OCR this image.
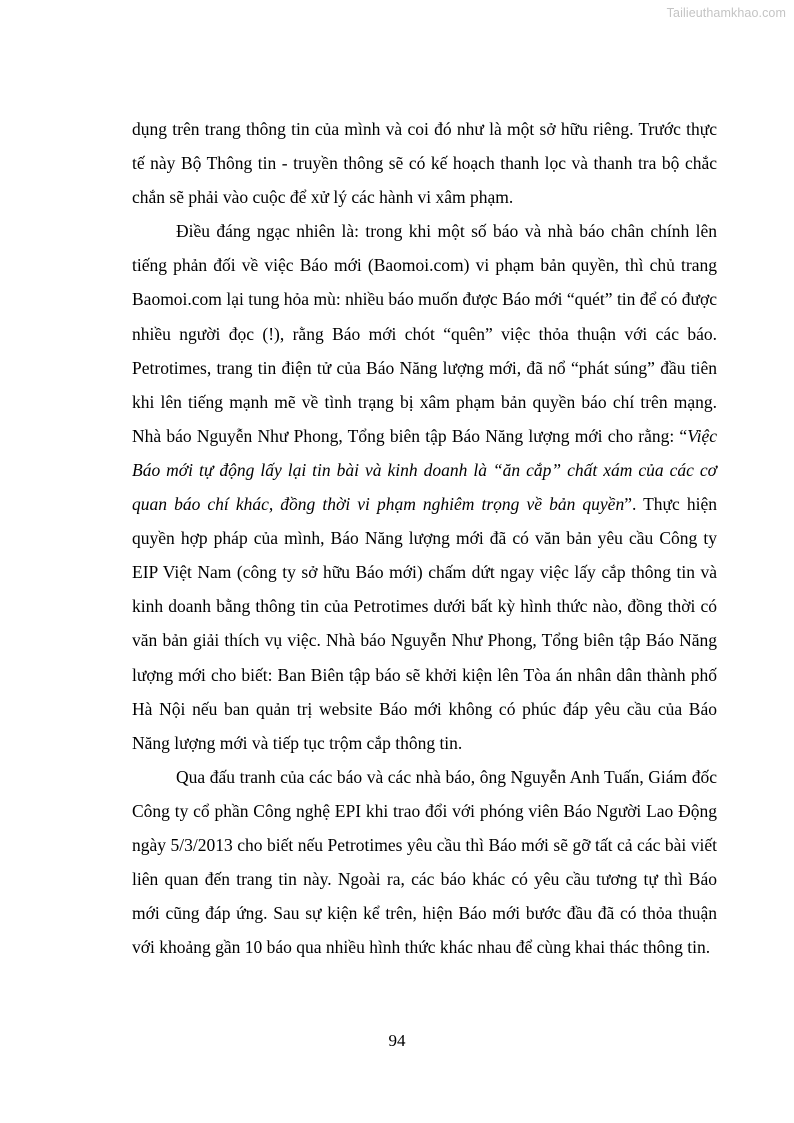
Tailieuthamkhao.com

dụng trên trang thông tin của mình và coi đó như là một sở hữu riêng. Trước thực tế này Bộ Thông tin - truyền thông sẽ có kế hoạch thanh lọc và thanh tra bộ chắc chắn sẽ phải vào cuộc để xử lý các hành vi xâm phạm.

Điều đáng ngạc nhiên là: trong khi một số báo và nhà báo chân chính lên tiếng phản đối về việc Báo mới (Baomoi.com) vi phạm bản quyền, thì chủ trang Baomoi.com lại tung hỏa mù: nhiều báo muốn được Báo mới “quét” tin để có được nhiều người đọc (!), rằng Báo mới chót “quên” việc thỏa thuận với các báo. Petrotimes, trang tin điện tử của Báo Năng lượng mới, đã nổ “phát súng” đầu tiên khi lên tiếng mạnh mẽ về tình trạng bị xâm phạm bản quyền báo chí trên mạng. Nhà báo Nguyễn Như Phong, Tổng biên tập Báo Năng lượng mới cho rằng: “Việc Báo mới tự động lấy lại tin bài và kinh doanh là “ăn cắp” chất xám của các cơ quan báo chí khác, đồng thời vi phạm nghiêm trọng về bản quyền”. Thực hiện quyền hợp pháp của mình, Báo Năng lượng mới đã có văn bản yêu cầu Công ty EIP Việt Nam (công ty sở hữu Báo mới) chấm dứt ngay việc lấy cắp thông tin và kinh doanh bằng thông tin của Petrotimes dưới bất kỳ hình thức nào, đồng thời có văn bản giải thích vụ việc. Nhà báo Nguyễn Như Phong, Tổng biên tập Báo Năng lượng mới cho biết: Ban Biên tập báo sẽ khởi kiện lên Tòa án nhân dân thành phố Hà Nội nếu ban quản trị website Báo mới không có phúc đáp yêu cầu của Báo Năng lượng mới và tiếp tục trộm cắp thông tin.

Qua đấu tranh của các báo và các nhà báo, ông Nguyễn Anh Tuấn, Giám đốc Công ty cổ phần Công nghệ EPI khi trao đổi với phóng viên Báo Người Lao Động ngày 5/3/2013 cho biết nếu Petrotimes yêu cầu thì Báo mới sẽ gỡ tất cả các bài viết liên quan đến trang tin này. Ngoài ra, các báo khác có yêu cầu tương tự thì Báo mới cũng đáp ứng. Sau sự kiện kể trên, hiện Báo mới bước đầu đã có thỏa thuận với khoảng gần 10 báo qua nhiều hình thức khác nhau để cùng khai thác thông tin.

94
